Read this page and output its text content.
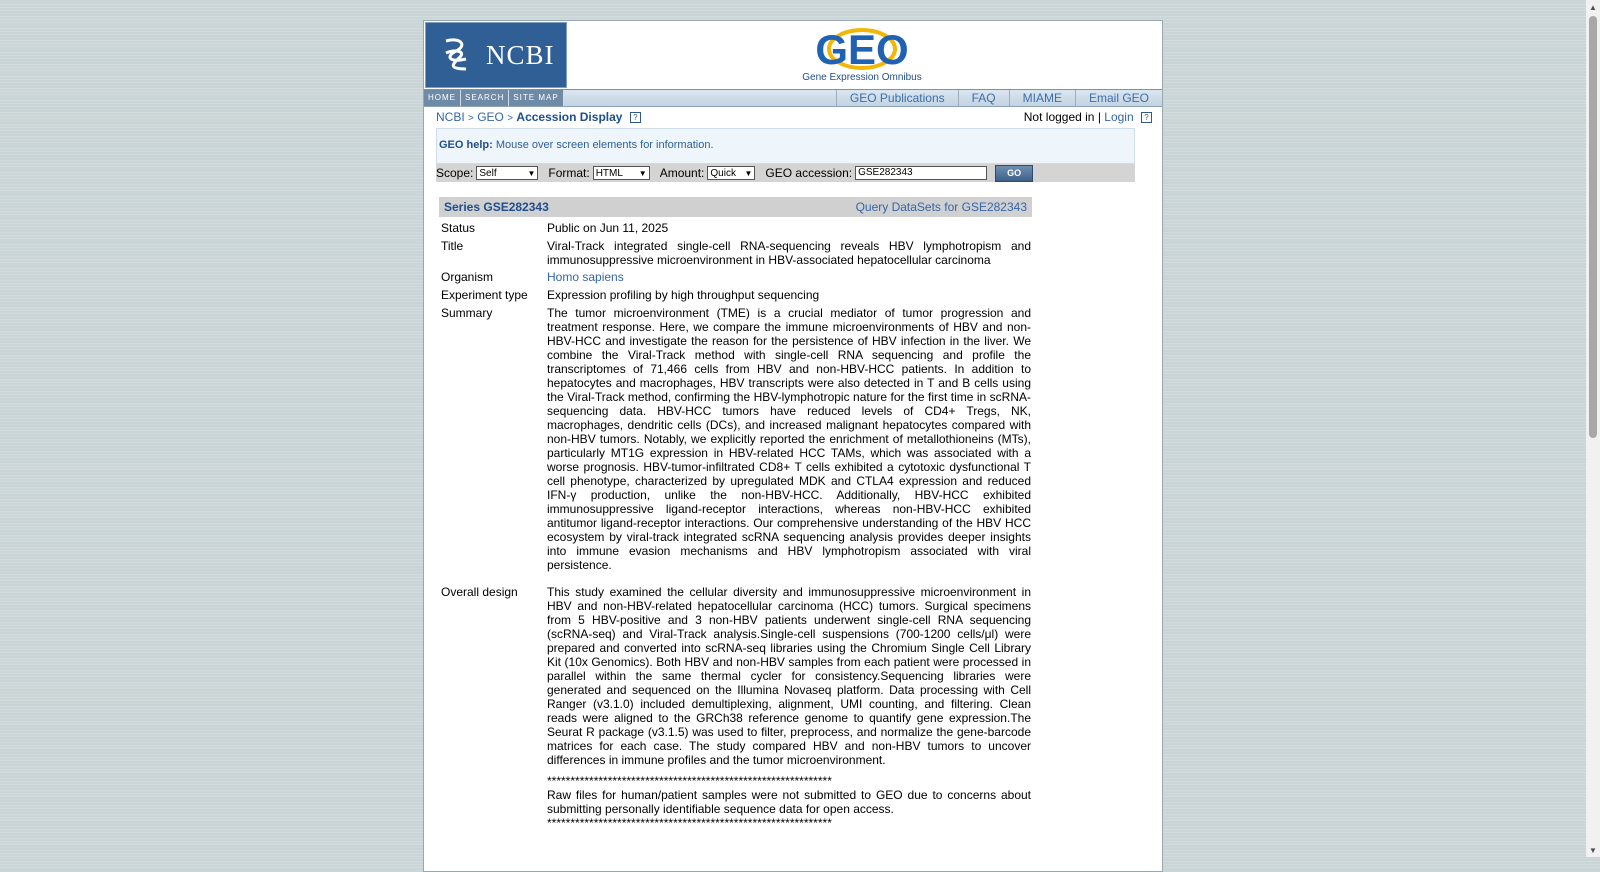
NCBI	GEO
Gene Expression Omnibus
HOME	SEARCH	SITE MAP	GEO Publications	FAQ	MIAME	Email GEO
NCBI > GEO > Accession Display ?	Not logged in | Login ?
GEO help: Mouse over screen elements for information.
Scope: Self ▼	Format: HTML ▼	Amount: Quick ▼	GEO accession: GSE282343	GO
Series GSE282343	Query DataSets for GSE282343
Status	Public on Jun 11, 2025
Title	Viral-Track integrated single-cell RNA-sequencing reveals HBV lymphotropism and immunosuppressive microenvironment in HBV-associated hepatocellular carcinoma
Organism	Homo sapiens
Experiment type	Expression profiling by high throughput sequencing
Summary	The tumor microenvironment (TME) is a crucial mediator of tumor progression and treatment response. Here, we compare the immune microenvironments of HBV and non-HBV-HCC and investigate the reason for the persistence of HBV infection in the liver. We combine the Viral-Track method with single-cell RNA sequencing and profile the transcriptomes of 71,466 cells from HBV and non-HBV-HCC patients. In addition to hepatocytes and macrophages, HBV transcripts were also detected in T and B cells using the Viral-Track method, confirming the HBV-lymphotropic nature for the first time in scRNA-sequencing data. HBV-HCC tumors have reduced levels of CD4+ Tregs, NK, macrophages, dendritic cells (DCs), and increased malignant hepatocytes compared with non-HBV tumors. Notably, we explicitly reported the enrichment of metallothioneins (MTs), particularly MT1G expression in HBV-related HCC TAMs, which was associated with a worse prognosis. HBV-tumor-infiltrated CD8+ T cells exhibited a cytotoxic dysfunctional T cell phenotype, characterized by upregulated MDK and CTLA4 expression and reduced IFN-γ production, unlike the non-HBV-HCC. Additionally, HBV-HCC exhibited immunosuppressive ligand-receptor interactions, whereas non-HBV-HCC exhibited antitumor ligand-receptor interactions. Our comprehensive understanding of the HBV HCC ecosystem by viral-track integrated scRNA sequencing analysis provides deeper insights into immune evasion mechanisms and HBV lymphotropism associated with viral persistence.
Overall design	This study examined the cellular diversity and immunosuppressive microenvironment in HBV and non-HBV-related hepatocellular carcinoma (HCC) tumors. Surgical specimens from 5 HBV-positive and 3 non-HBV patients underwent single-cell RNA sequencing (scRNA-seq) and Viral-Track analysis.Single-cell suspensions (700-1200 cells/μl) were prepared and converted into scRNA-seq libraries using the Chromium Single Cell Library Kit (10x Genomics). Both HBV and non-HBV samples from each patient were processed in parallel within the same thermal cycler for consistency.Sequencing libraries were generated and sequenced on the Illumina Novaseq platform. Data processing with Cell Ranger (v3.1.0) included demultiplexing, alignment, UMI counting, and filtering. Clean reads were aligned to the GRCh38 reference genome to quantify gene expression.The Seurat R package (v3.1.5) was used to filter, preprocess, and normalize the gene-barcode matrices for each case. The study compared HBV and non-HBV tumors to uncover differences in immune profiles and the tumor microenvironment.
*************************************************************
Raw files for human/patient samples were not submitted to GEO due to concerns about submitting personally identifiable sequence data for open access.
*************************************************************
▲
▼
